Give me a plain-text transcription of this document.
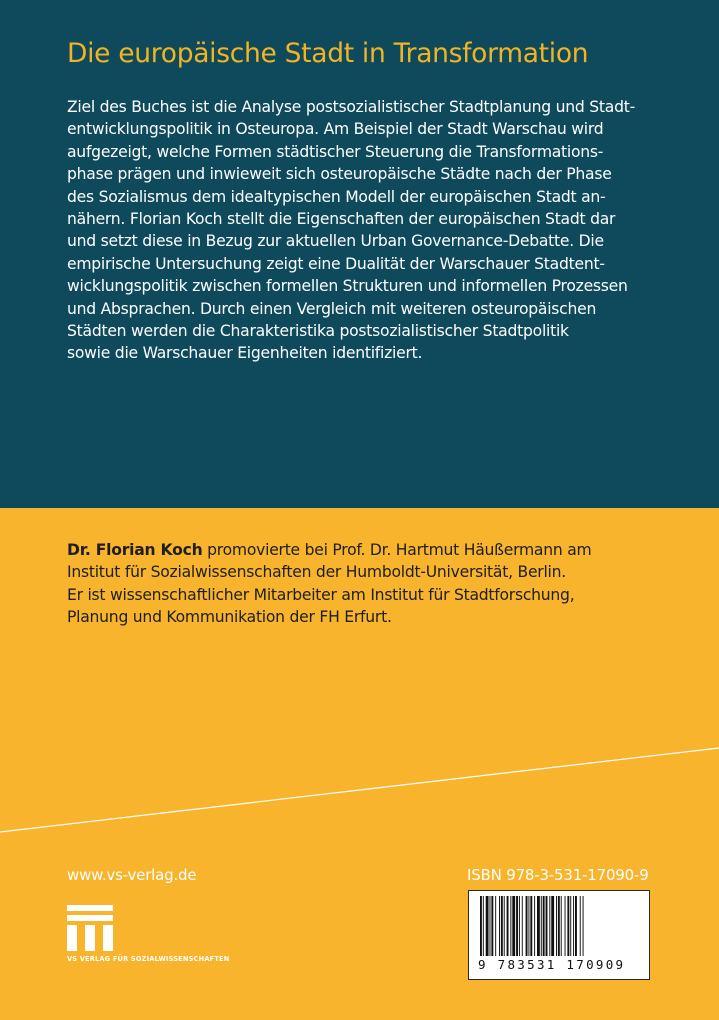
Die europäische Stadt in Transformation
Ziel des Buches ist die Analyse postsozialistischer Stadtplanung und Stadt-
entwicklungspolitik in Osteuropa. Am Beispiel der Stadt Warschau wird
aufgezeigt, welche Formen städtischer Steuerung die Transformations-
phase prägen und inwieweit sich osteuropäische Städte nach der Phase
des Sozialismus dem idealtypischen Modell der europäischen Stadt an-
nähern. Florian Koch stellt die Eigenschaften der europäischen Stadt dar
und setzt diese in Bezug zur aktuellen Urban Governance-Debatte. Die
empirische Untersuchung zeigt eine Dualität der Warschauer Stadtent-
wicklungspolitik zwischen formellen Strukturen und informellen Prozessen
und Absprachen. Durch einen Vergleich mit weiteren osteuropäischen
Städten werden die Charakteristika postsozialistischer Stadtpolitik
sowie die Warschauer Eigenheiten identifiziert.
Dr. Florian Koch promovierte bei Prof. Dr. Hartmut Häußermann am
Institut für Sozialwissenschaften der Humboldt-Universität, Berlin.
Er ist wissenschaftlicher Mitarbeiter am Institut für Stadtforschung,
Planung und Kommunikation der FH Erfurt.
www.vs-verlag.de
VS VERLAG FÜR SOZIALWISSENSCHAFTEN
ISBN 978-3-531-17090-9
9 783531 170909
